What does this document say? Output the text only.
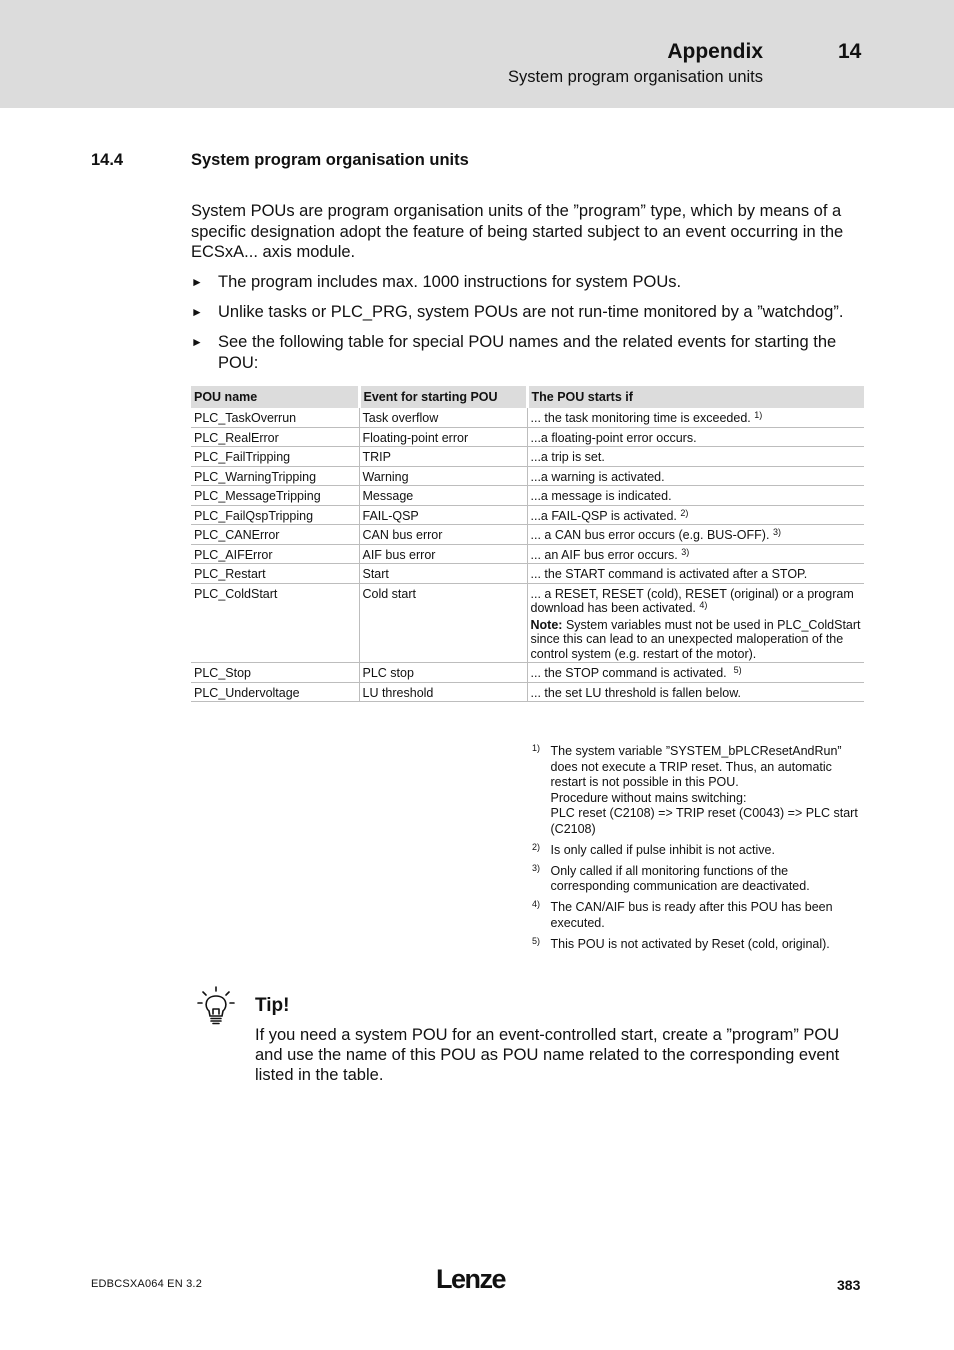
Appendix	14
System program organisation units
14.4	System program organisation units

System POUs are program organisation units of the ”program” type, which by means of a specific designation adopt the feature of being started subject to an event occurring in the ECSxA... axis module.

► The program includes max. 1000 instructions for system POUs.
► Unlike tasks or PLC_PRG, system POUs are not run-time monitored by a ”watchdog”.
► See the following table for special POU names and the related events for starting the POU:
POU name	Event for starting POU	The POU starts if
PLC_TaskOverrun	Task overflow	... the task monitoring time is exceeded. $^{1)}$
PLC_RealError	Floating-point error	...a floating-point error occurs.
PLC_FailTripping	TRIP	...a trip is set.
PLC_WarningTripping	Warning	...a warning is activated.
PLC_MessageTripping	Message	...a message is indicated.
PLC_FailQspTripping	FAIL-QSP	...a FAIL-QSP is activated. $^{2)}$
PLC_CANError	CAN bus error	... a CAN bus error occurs (e.g. BUS-OFF). $^{3)}$
PLC_AIFError	AIF bus error	... an AIF bus error occurs. $^{3)}$
PLC_Restart	Start	... the START command is activated after a STOP.
PLC_ColdStart	Cold start	... a RESET, RESET (cold), RESET (original) or a program download has been activated. $^{4)}$
Note: System variables must not be used in PLC_ColdStart since this can lead to an unexpected maloperation of the control system (e.g. restart of the motor).

PLC_Stop	PLC stop	... the STOP command is activated. $^{5)}$
PLC_Undervoltage	LU threshold	... the set LU threshold is fallen below.
1) The system variable ”SYSTEM_bPLCResetAndRun” does not execute a TRIP reset. Thus, an automatic restart is not possible in this POU.
Procedure without mains switching:
PLC reset (C2108) => TRIP reset (C0043) => PLC start (C2108)
2) Is only called if pulse inhibit is not active.
3) Only called if all monitoring functions of the corresponding communication are deactivated.
4) The CAN/AIF bus is ready after this POU has been executed.
5) This POU is not activated by Reset (cold, original).
Tip!

If you need a system POU for an event-controlled start, create a ”program” POU and use the name of this POU as POU name related to the corresponding event listed in the table.

EDBCSXA064 EN 3.2	Lenze	383
